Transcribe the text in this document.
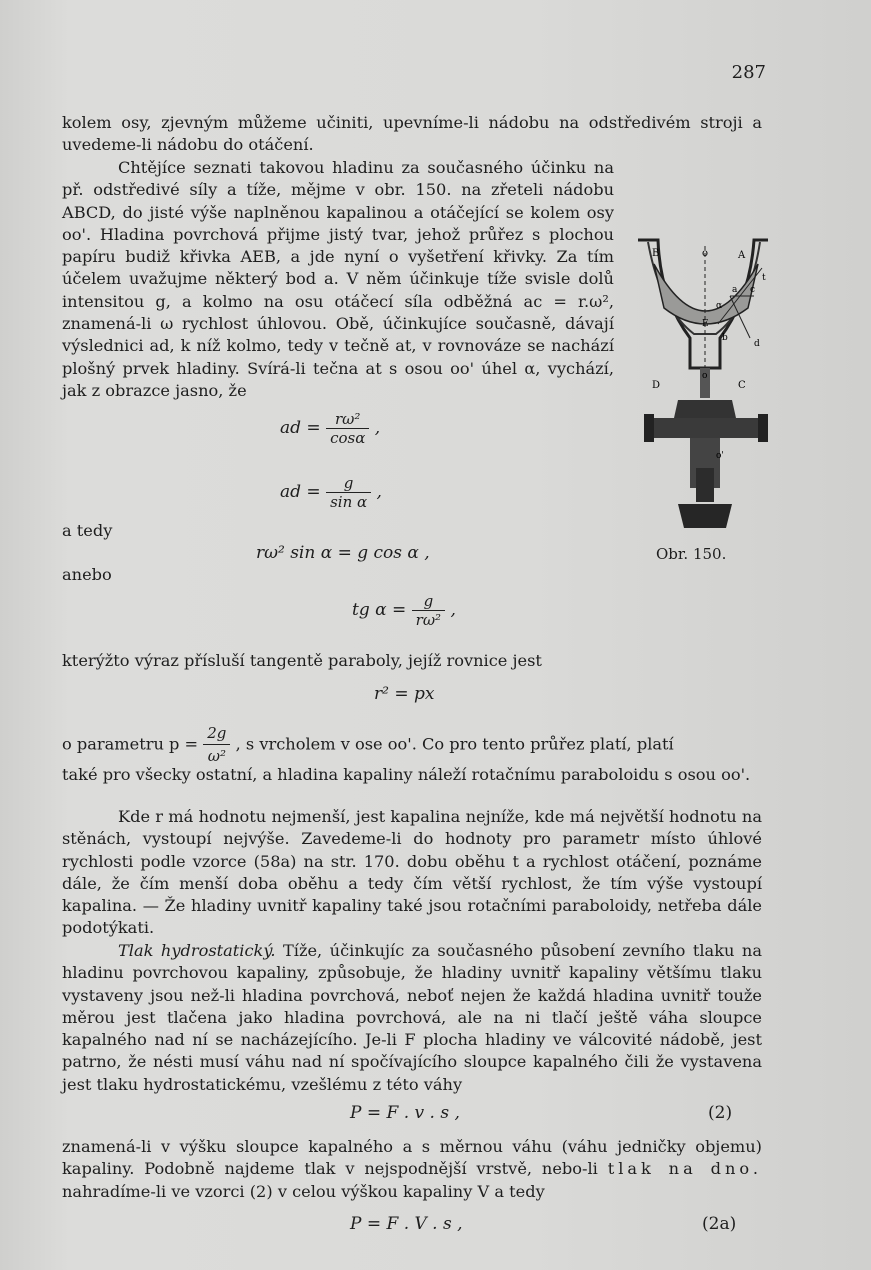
287
kolem osy, zjevným můžeme učiniti, upevníme-li nádobu na odstředivém stroji a uvedeme-li nádobu do otáčení.
Chtějíce seznati takovou hladinu za současného účinku na př. odstředivé síly a tíže, mějme v obr. 150. na zřeteli nádobu ABCD, do jisté výše naplněnou kapalinou a otáčející se kolem osy oo'. Hladina povrchová přijme jistý tvar, jehož průřez s plochou papíru budiž křivka AEB, a jde nyní o vyšetření křivky. Za tím účelem uvažujme některý bod a. V něm účinkuje tíže svisle dolů intensitou g, a kolmo na osu otáčecí síla odběžná ac = r.ω², znamená-li ω rychlost úhlovou. Obě, účinkujíce současně, dávají výslednici ad, k níž kolmo, tedy v tečně at, v rovnováze se nachází plošný prvek hladiny. Svírá-li tečna at s osou oo' úhel α, vychází, jak z obrazce jasno, že
B	o	A
a c
t
E
b
d
α
o
D	C
o'
Obr. 150.
ad = $\frac{\text{rω²}}{\cos\alpha}$ ,
ad = $\frac{g}{\text{sin α}}$ ,
a tedy
rω² sin α = g cos α ,
anebo
tg $\alpha = \frac{g}{\text{rω²}}$ ,
kterýžto výraz přísluší tangentě paraboly, jejíž rovnice jest
r² = px
o parametru $p = \frac{2g}{\text{ω²}}$ , s vrcholem v ose oo'. Co pro tento průřez platí, platí
také pro všecky ostatní, a hladina kapaliny náleží rotačnímu paraboloidu s osou oo'.
Kde r má hodnotu nejmenší, jest kapalina nejníže, kde má největší hodnotu na stěnách, vystoupí nejvýše. Zavedeme-li do hodnoty pro parametr místo úhlové rychlosti podle vzorce (58a) na str. 170. dobu oběhu t a rychlost otáčení, poznáme dále, že čím menší doba oběhu a tedy čím větší rychlost, že tím výše vystoupí kapalina. — Že hladiny uvnitř kapaliny také jsou rotačními paraboloidy, netřeba dále podotýkati.
Tlak hydrostatický. Tíže, účinkujíc za současného působení zevního tlaku na hladinu povrchovou kapaliny, způsobuje, že hladiny uvnitř kapaliny většímu tlaku vystaveny jsou než-li hladina povrchová, neboť nejen že každá hladina uvnitř touže měrou jest tlačena jako hladina povrchová, ale na ni tlačí ještě váha sloupce kapalného nad ní se nacházejícího. Je-li F plocha hladiny ve válcovité nádobě, jest patrno, že nésti musí váhu nad ní spočívajícího sloupce kapalného čili že vystavena jest tlaku hydrostatickému, vzešlému z této váhy
P = F . v . s ,	(2)
znamená-li v výšku sloupce kapalného a s měrnou váhu (váhu jedničky objemu) kapaliny. Podobně najdeme tlak v nejspodnější vrstvě, nebo-li tlak na dno. nahradíme-li ve vzorci (2) v celou výškou kapaliny V a tedy
P = F . V . s ,	(2a)
